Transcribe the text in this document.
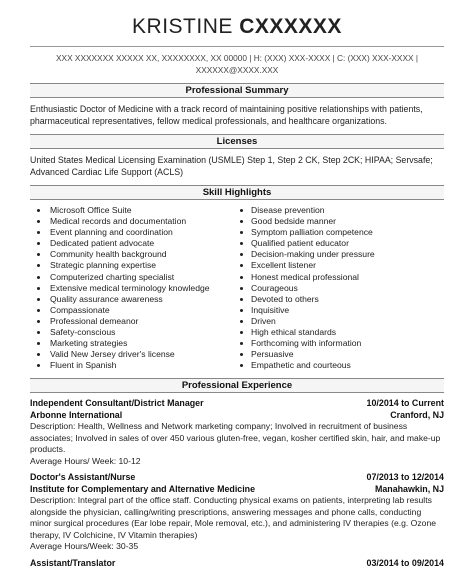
KRISTINE CXXXXXX
XXX XXXXXXX XXXXX XX, XXXXXXXX, XX 00000 | H: (XXX) XXX-XXXX | C: (XXX) XXX-XXXX |
XXXXXX@XXXX.XXX
Professional Summary
Enthusiastic Doctor of Medicine with a track record of maintaining positive relationships with patients, pharmaceutical representatives, fellow medical professionals, and healthcare organizations.
Licenses
United States Medical Licensing Examination (USMLE) Step 1, Step 2 CK, Step 2CK; HIPAA; Servsafe; Advanced Cardiac Life Support (ACLS)
Skill Highlights
Microsoft Office Suite
Medical records and documentation
Event planning and coordination
Dedicated patient advocate
Community health background
Strategic planning expertise
Computerized charting specialist
Extensive medical terminology knowledge
Quality assurance awareness
Compassionate
Professional demeanor
Safety-conscious
Marketing strategies
Valid New Jersey driver's license
Fluent in Spanish
Disease prevention
Good bedside manner
Symptom palliation competence
Qualified patient educator
Decision-making under pressure
Excellent listener
Honest medical professional
Courageous
Devoted to others
Inquisitive
Driven
High ethical standards
Forthcoming with information
Persuasive
Empathetic and courteous
Professional Experience
Independent Consultant/District Manager	10/2014 to Current
Arbonne International	Cranford, NJ
Description: Health, Wellness and Network marketing company; Involved in recruitment of business associates; Involved in sales of over 450 various gluten-free, vegan, kosher certified skin, hair, and make-up products.
Average Hours/ Week: 10-12
Doctor's Assistant/Nurse	07/2013 to 12/2014
Institute for Complementary and Alternative Medicine	Manahawkin, NJ
Description: Integral part of the office staff. Conducting physical exams on patients, interpreting lab results alongside the physician, calling/writing prescriptions, answering messages and phone calls, conducting minor surgical procedures (Ear lobe repair, Mole removal, etc.), and administering IV therapies (e.g. Ozone therapy, IV Colchicine, IV Vitamin therapies)
Average Hours/Week: 30-35
Assistant/Translator	03/2014 to 09/2014
